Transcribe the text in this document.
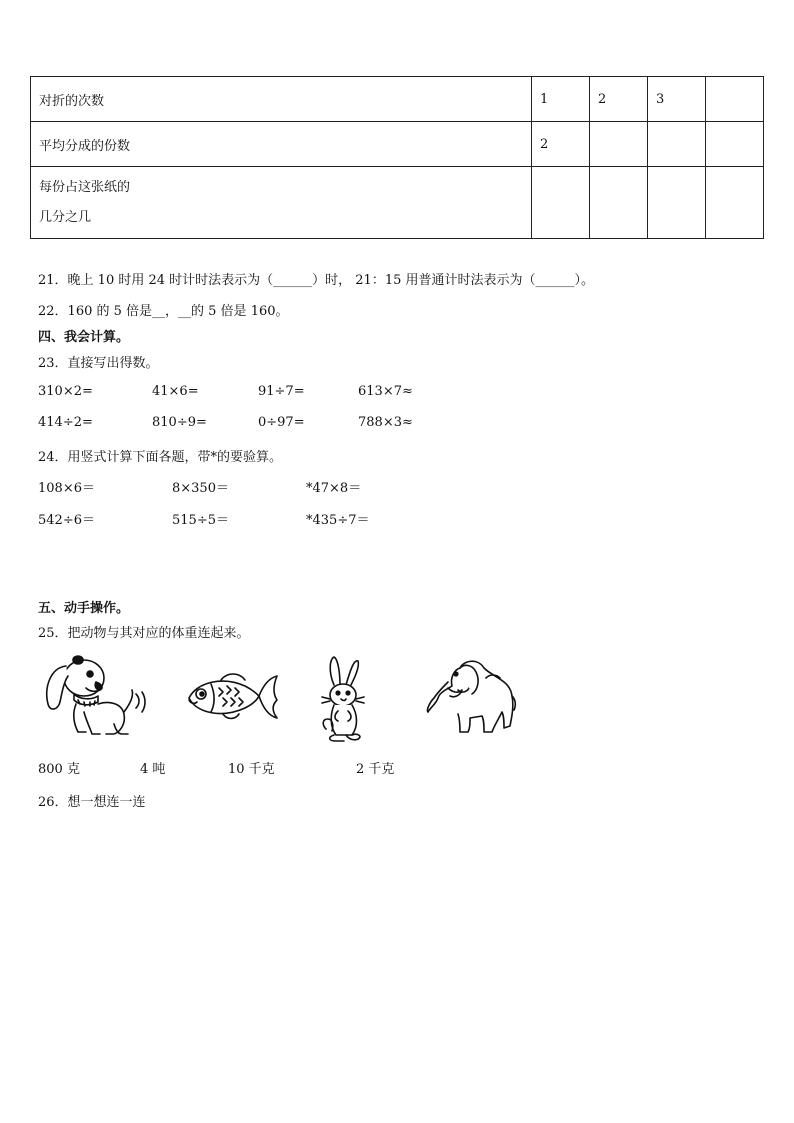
对折的次数	1	2	3	
平均分成的份数	2			

每份占这张纸的
几分之几				

21．晚上 10 时用 24 时计时法表示为（______）时， 21：15 用普通计时法表示为（______）。
22．160 的 5 倍是__，__的 5 倍是 160。
四、我会计算。
23．直接写出得数。
310×2=	41×6=	91÷7=	613×7≈
414÷2=	810÷9=	0÷97=	788×3≈
24．用竖式计算下面各题，带*的要验算。
108×6＝	8×350＝	*47×8＝
542÷6＝	515÷5＝	*435÷7＝
五、动手操作。
25．把动物与其对应的体重连起来。
800 克	4 吨	10 千克	2 千克
26．想一想连一连
